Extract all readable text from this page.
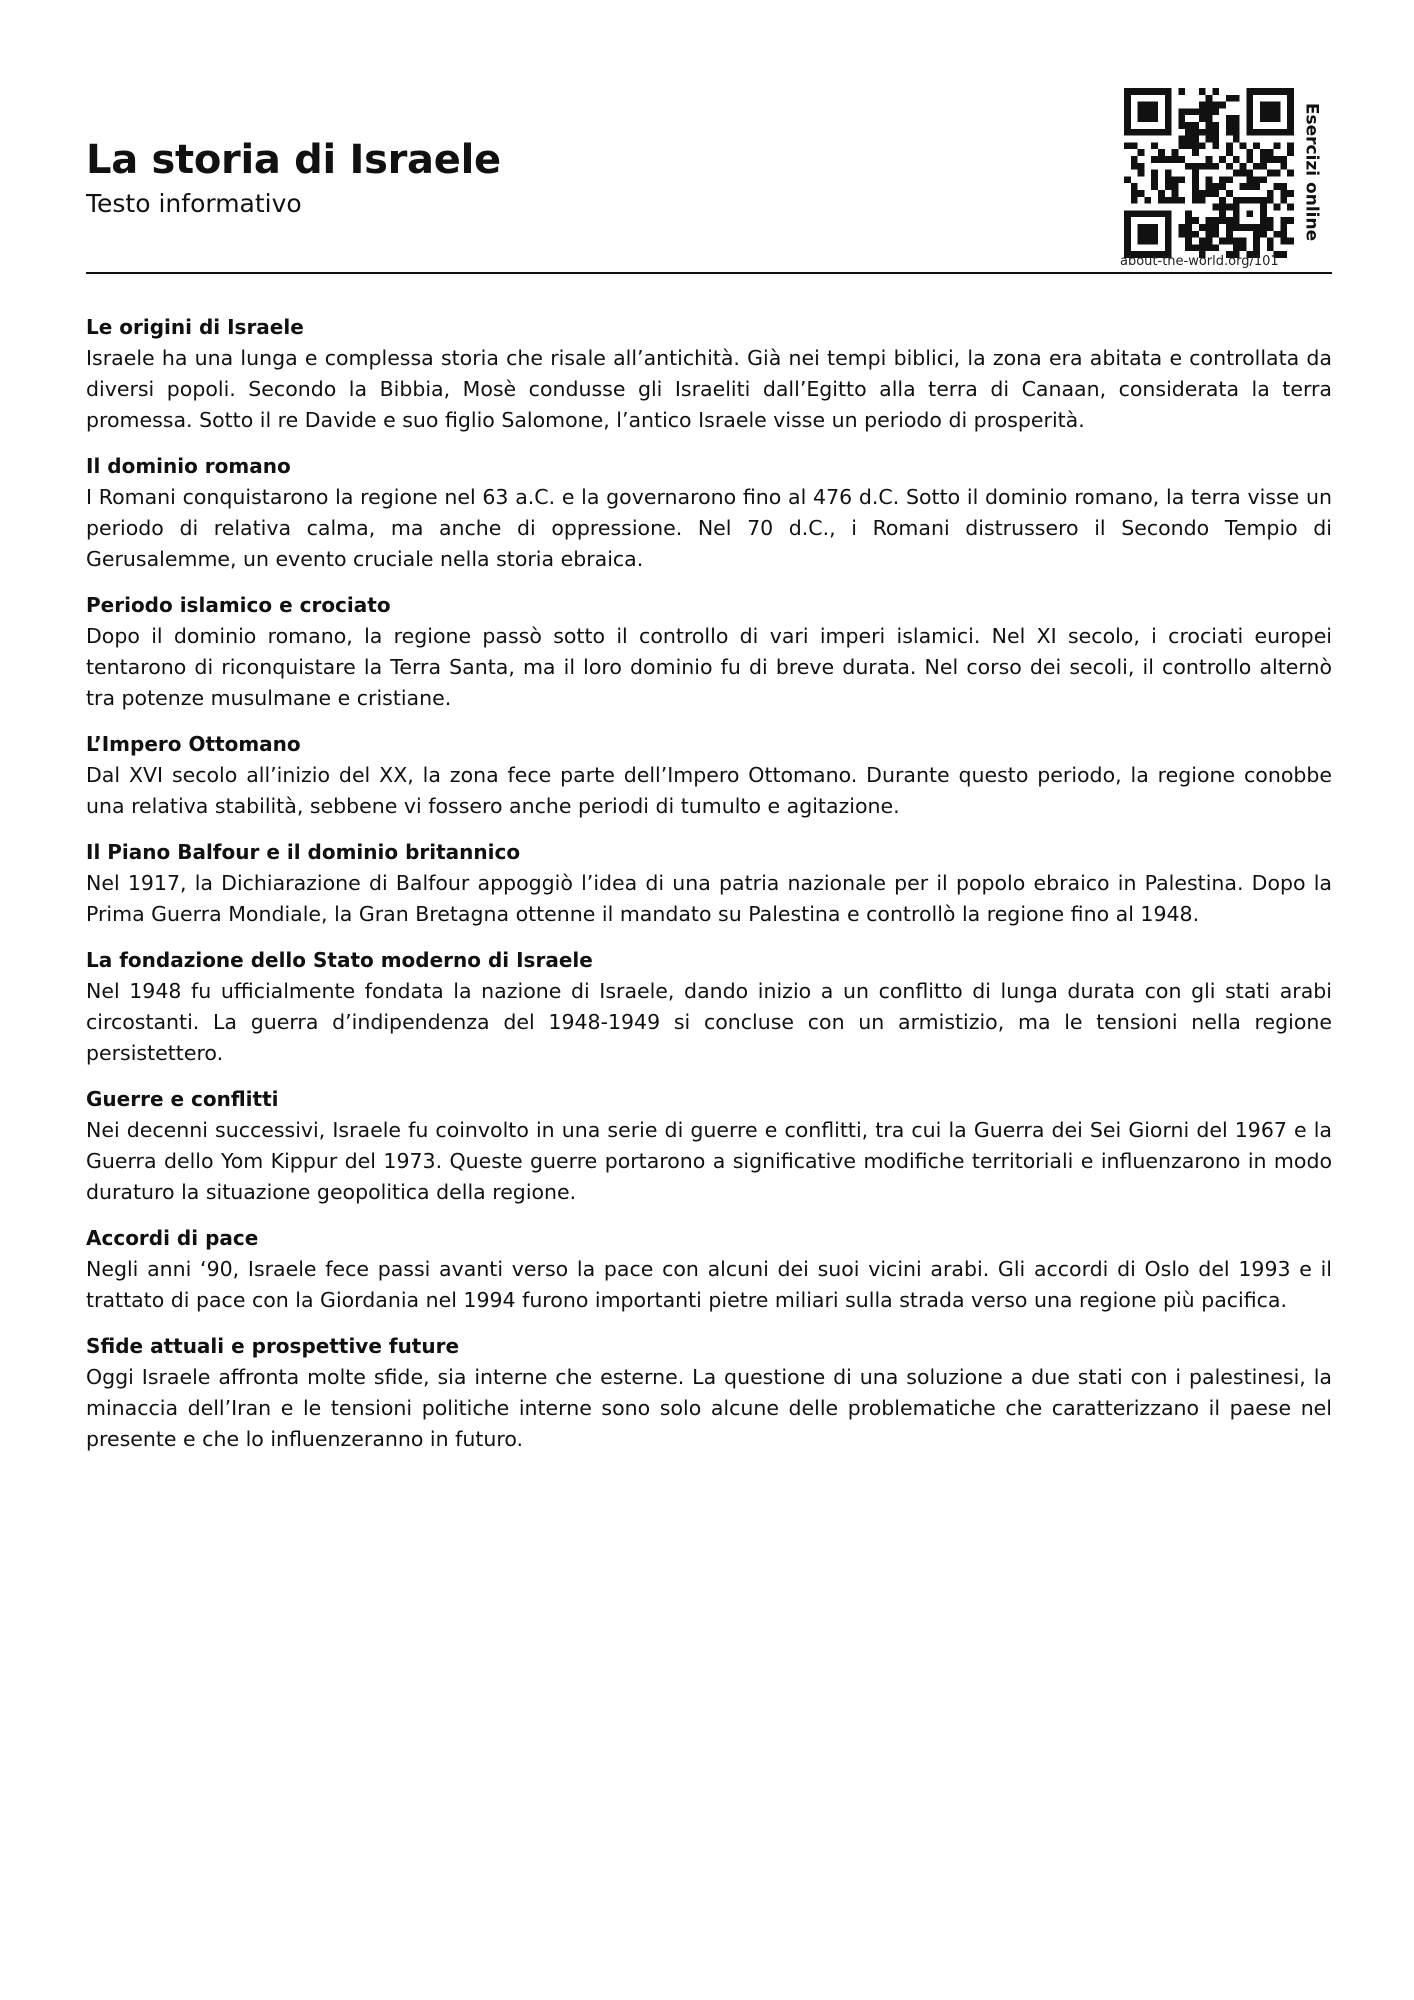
La storia di Israele
Testo informativo
about-the-world.org/101
Esercizi online
Le origini di Israele

Israele ha una lunga e complessa storia che risale all’antichità. Già nei tempi biblici, la zona era abitata e controllata da diversi popoli. Secondo la Bibbia, Mosè condusse gli Israeliti dall’Egitto alla terra di Canaan, considerata la terra promessa. Sotto il re Davide e suo figlio Salomone, l’antico Israele visse un periodo di prosperità.

Il dominio romano

I Romani conquistarono la regione nel 63 a.C. e la governarono fino al 476 d.C. Sotto il dominio romano, la terra visse un periodo di relativa calma, ma anche di oppressione. Nel 70 d.C., i Romani distrussero il Secondo Tempio di Gerusalemme, un evento cruciale nella storia ebraica.

Periodo islamico e crociato

Dopo il dominio romano, la regione passò sotto il controllo di vari imperi islamici. Nel XI secolo, i crociati europei tentarono di riconquistare la Terra Santa, ma il loro dominio fu di breve durata. Nel corso dei secoli, il controllo alternò tra potenze musulmane e cristiane.

L’Impero Ottomano

Dal XVI secolo all’inizio del XX, la zona fece parte dell’Impero Ottomano. Durante questo periodo, la regione conobbe una relativa stabilità, sebbene vi fossero anche periodi di tumulto e agitazione.

Il Piano Balfour e il dominio britannico

Nel 1917, la Dichiarazione di Balfour appoggiò l’idea di una patria nazionale per il popolo ebraico in Palestina. Dopo la Prima Guerra Mondiale, la Gran Bretagna ottenne il mandato su Palestina e controllò la regione fino al 1948.

La fondazione dello Stato moderno di Israele

Nel 1948 fu ufficialmente fondata la nazione di Israele, dando inizio a un conflitto di lunga durata con gli stati arabi circostanti. La guerra d’indipendenza del 1948-1949 si concluse con un armistizio, ma le tensioni nella regione persistettero.

Guerre e conflitti

Nei decenni successivi, Israele fu coinvolto in una serie di guerre e conflitti, tra cui la Guerra dei Sei Giorni del 1967 e la Guerra dello Yom Kippur del 1973. Queste guerre portarono a significative modifiche territoriali e influenzarono in modo duraturo la situazione geopolitica della regione.

Accordi di pace

Negli anni ‘90, Israele fece passi avanti verso la pace con alcuni dei suoi vicini arabi. Gli accordi di Oslo del 1993 e il trattato di pace con la Giordania nel 1994 furono importanti pietre miliari sulla strada verso una regione più pacifica.

Sfide attuali e prospettive future

Oggi Israele affronta molte sfide, sia interne che esterne. La questione di una soluzione a due stati con i palestinesi, la minaccia dell’Iran e le tensioni politiche interne sono solo alcune delle problematiche che caratterizzano il paese nel presente e che lo influenzeranno in futuro.
